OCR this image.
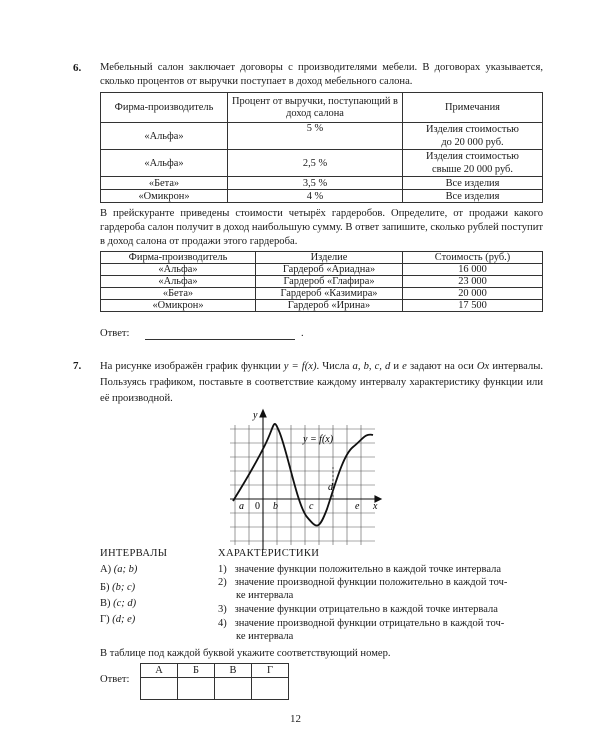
6. Мебельный салон заключает договоры с производителями мебели. В договорах указывается, сколько процентов от выручки поступает в доход мебельного салона.
Фирма-производитель	Процент от выручки, поступающий в доход салона	Примечания
«Альфа»	5 %	Изделия стоимостью до 20 000 руб.
«Альфа»	2,5 %	Изделия стоимостью свыше 20 000 руб.
«Бета»	3,5 %	Все изделия
«Омикрон»	4 %	Все изделия
В прейскуранте приведены стоимости четырёх гардеробов. Определите, от продажи какого гардероба салон получит в доход наибольшую сумму. В ответ запишите, сколько рублей поступит в доход салона от продажи этого гардероба.
Фирма-производитель	Изделие	Стоимость (руб.)
«Альфа»	Гардероб «Ариадна»	16 000
«Альфа»	Гардероб «Глафира»	23 000
«Бета»	Гардероб «Казимира»	20 000
«Омикрон»	Гардероб «Ирина»	17 500
Ответ:	.
7. На рисунке изображён график функции y = f(x). Числа a, b, c, d и e задают на оси Ox интервалы. Пользуясь графиком, поставьте в соответствие каждому интервалу характеристику функции или её производной.
y
x
y = f(x)
0
a	b	c
d
e
ИНТЕРВАЛЫ	ХАРАКТЕРИСТИКИ
А) (a; b)
Б) (b; c)
В) (c; d)
Г) (d; e)
1) значение функции положительно в каждой точке интервала
2) значение производной функции положительно в каждой точ-
ке интервала
3) значение функции отрицательно в каждой точке интервала
4) значение производной функции отрицательно в каждой точ-
ке интервала
В таблице под каждой буквой укажите соответствующий номер.
Ответ:
А	Б	В	Г

12
